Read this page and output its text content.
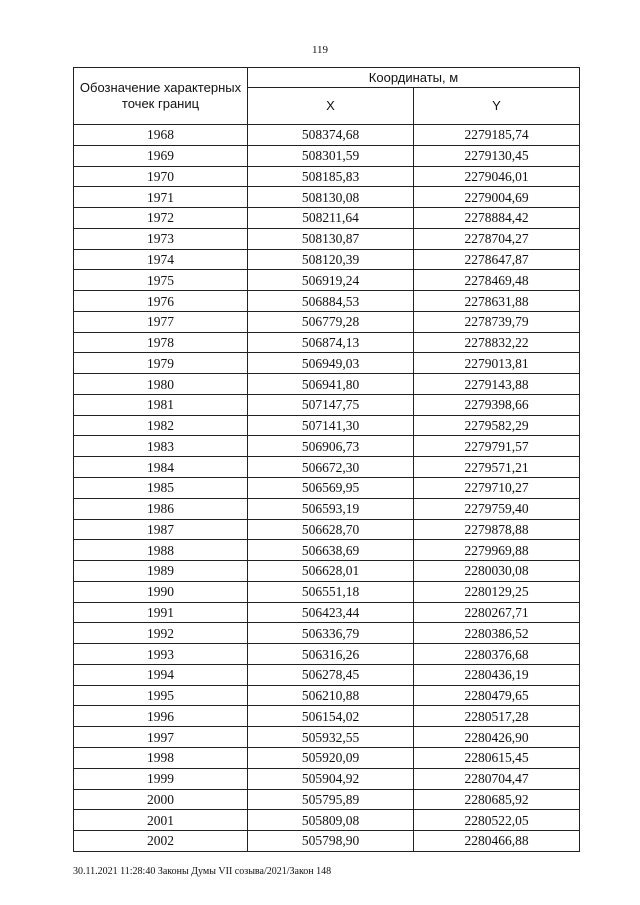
119
Обозначение характерных точек границ	Координаты, м	
	X	Y
1968	508374,68	2279185,74
1969	508301,59	2279130,45
1970	508185,83	2279046,01
1971	508130,08	2279004,69
1972	508211,64	2278884,42
1973	508130,87	2278704,27
1974	508120,39	2278647,87
1975	506919,24	2278469,48
1976	506884,53	2278631,88
1977	506779,28	2278739,79
1978	506874,13	2278832,22
1979	506949,03	2279013,81
1980	506941,80	2279143,88
1981	507147,75	2279398,66
1982	507141,30	2279582,29
1983	506906,73	2279791,57
1984	506672,30	2279571,21
1985	506569,95	2279710,27
1986	506593,19	2279759,40
1987	506628,70	2279878,88
1988	506638,69	2279969,88
1989	506628,01	2280030,08
1990	506551,18	2280129,25
1991	506423,44	2280267,71
1992	506336,79	2280386,52
1993	506316,26	2280376,68
1994	506278,45	2280436,19
1995	506210,88	2280479,65
1996	506154,02	2280517,28
1997	505932,55	2280426,90
1998	505920,09	2280615,45
1999	505904,92	2280704,47
2000	505795,89	2280685,92
2001	505809,08	2280522,05
2002	505798,90	2280466,88
30.11.2021 11:28:40 Законы Думы VII созыва/2021/Закон 148
